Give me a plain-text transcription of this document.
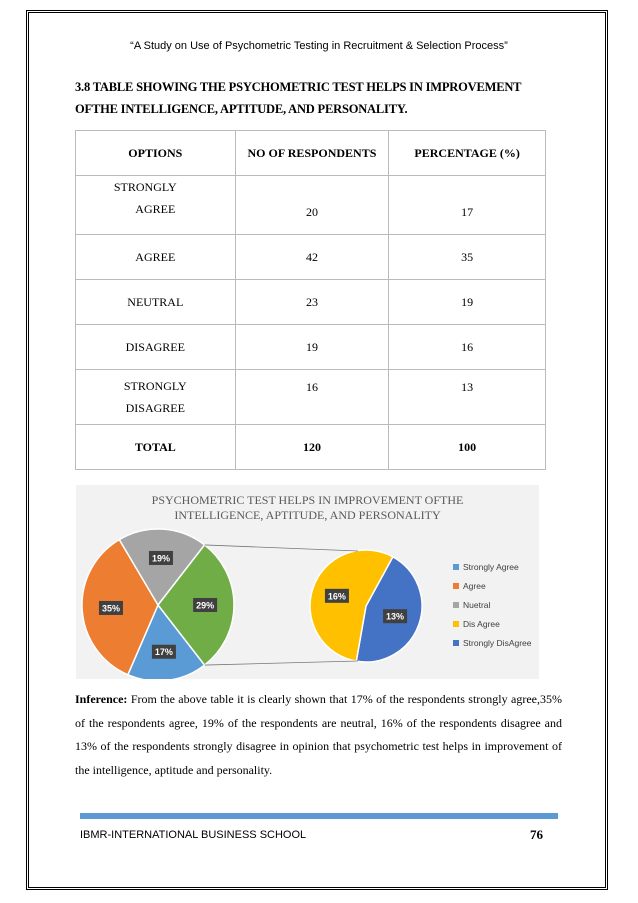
“A Study on Use of Psychometric Testing in Recruitment & Selection Process”
3.8 TABLE SHOWING THE PSYCHOMETRIC TEST HELPS IN IMPROVEMENT
OFTHE INTELLIGENCE, APTITUDE, AND PERSONALITY.
OPTIONS	NO OF RESPONDENTS	PERCENTAGE (%)

STRONGLY
AGREE	20	17
AGREE	42	35
NEUTRAL	23	19
DISAGREE	19	16

STRONGLY
DISAGREE	16	13
TOTAL	120	100
PSYCHOMETRIC TEST HELPS IN IMPROVEMENT OFTHE
INTELLIGENCE, APTITUDE, AND PERSONALITY
17%
35%
19%
29%
16%
13%
Strongly Agree
Agree
Nuetral
Dis Agree
Strongly DisAgree
Inference: From the above table it is clearly shown that 17% of the respondents strongly agree,35% of the respondents agree, 19% of the respondents are neutral, 16% of the respondents disagree and 13% of the respondents strongly disagree in opinion that psychometric test helps in improvement of the intelligence, aptitude and personality.
IBMR-INTERNATIONAL BUSINESS SCHOOL	76
